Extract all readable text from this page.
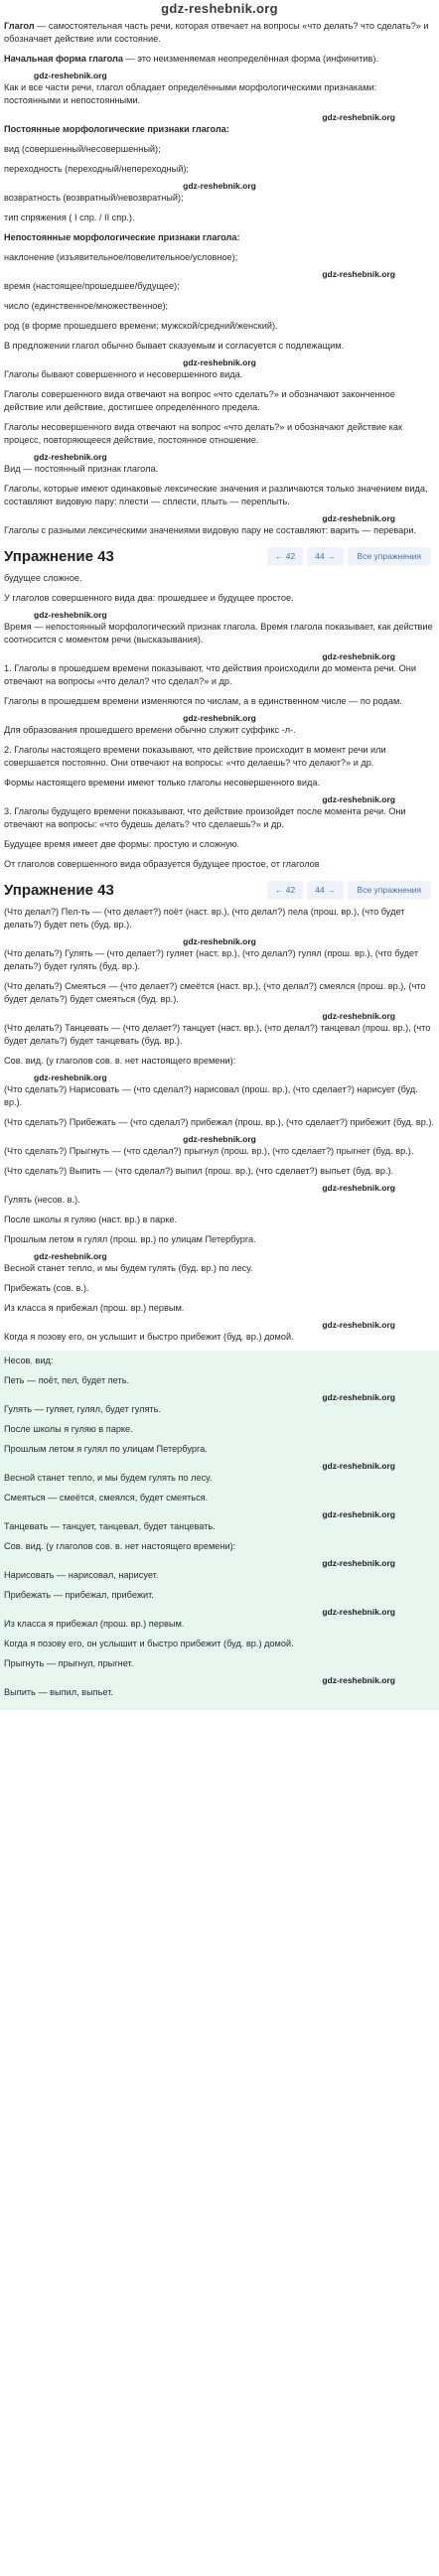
gdz-reshebnik.org

Глагол — самостоятельная часть речи, которая отвечает на вопросы «что делать? что сделать?» и обозначает действие или состояние.

Начальная форма глагола — это неизменяемая неопределённая форма (инфинитив).

gdz-reshebnik.org

Как и все части речи, глагол обладает определёнными морфологическими признаками: постоянными и непостоянными.

gdz-reshebnik.org

Постоянные морфологические признаки глагола:

вид (совершенный/несовершенный);

переходность (переходный/непереходный);

gdz-reshebnik.org

возвратность (возвратный/невозвратный);

тип спряжения ( I спр. / II спр.).

Непостоянные морфологические признаки глагола:

наклонение (изъявительное/повелительное/условное);

gdz-reshebnik.org

время (настоящее/прошедшее/будущее);

число (единственное/множественное);

род (в форме прошедшего времени; мужской/средний/женский).

В предложении глагол обычно бывает сказуемым и согласуется с подлежащим.

gdz-reshebnik.org

Глаголы бывают совершенного и несовершенного вида.

Глаголы совершенного вида отвечают на вопрос «что сделать?» и обозначают законченное действие или действие, достигшее определённого предела.

Глаголы несовершенного вида отвечают на вопрос «что делать?» и обозначают действие как процесс, повторяющееся действие, постоянное отношение.

gdz-reshebnik.org

Вид — постоянный признак глагола.

Глаголы, которые имеют одинаковые лексические значения и различаются только значением вида, составляют видовую пару: плести — сплести, плыть — переплыть.

gdz-reshebnik.org

Глаголы с разными лексическими значениями видовую пару не составляют: варить — перевари.

Упражнение 43	← 42	44 →	Все упражнения

будущее сложное.

У глаголов совершенного вида два: прошедшее и будущее простое.

gdz-reshebnik.org

Время — непостоянный морфологический признак глагола. Время глагола показывает, как действие соотносится с моментом речи (высказывания).

gdz-reshebnik.org

1. Глаголы в прошедшем времени показывают, что действия происходили до момента речи. Они отвечают на вопросы «что делал? что сделал?» и др.

Глаголы в прошедшем времени изменяются по числам, а в единственном числе — по родам.

gdz-reshebnik.org

Для образования прошедшего времени обычно служит суффикс -л-.

2. Глаголы настоящего времени показывают, что действие происходит в момент речи или совершается постоянно. Они отвечают на вопросы: «что делаешь? что делают?» и др.

Формы настоящего времени имеют только глаголы несовершенного вида.

gdz-reshebnik.org

3. Глаголы будущего времени показывают, что действие произойдет после момента речи. Они отвечают на вопросы: «что будешь делать? что сделаешь?» и др.

Будущее время имеет две формы: простую и сложную.

От глаголов совершенного вида образуется будущее простое, от глаголов

Упражнение 43	← 42	44 →	Все упражнения

(Что делал?) Пел-ть — (что делает?) поёт (наст. вр.), (что делал?) пела (прош. вр.), (что будет делать?) будет петь (буд. вр.).

gdz-reshebnik.org

(Что делать?) Гулять — (что делает?) гуляет (наст. вр.), (что делал?) гулял (прош. вр.), (что будет делать?) будет гулять (буд. вр.).

(Что делать?) Смеяться — (что делает?) смеётся (наст. вр.), (что делал?) смеялся (прош. вр.), (что будет делать?) будет смеяться (буд. вр.).

gdz-reshebnik.org

(Что делать?) Танцевать — (что делает?) танцует (наст. вр.), (что делал?) танцевал (прош. вр.), (что будет делать?) будет танцевать (буд. вр.).

Сов. вид. (у глаголов сов. в. нет настоящего времени):

gdz-reshebnik.org

(Что сделать?) Нарисовать — (что сделал?) нарисовал (прош. вр.), (что сделает?) нарисует (буд. вр.).

(Что сделать?) Прибежать — (что сделал?) прибежал (прош. вр.), (что сделает?) прибежит (буд. вр.).

gdz-reshebnik.org

(Что сделать?) Прыгнуть — (что сделал?) прыгнул (прош. вр.), (что сделает?) прыгнет (буд. вр.).

(Что сделать?) Выпить — (что сделал?) выпил (прош. вр.), (что сделает?) выпьет (буд. вр.).

gdz-reshebnik.org

Гулять (несов. в.).

После школы я гуляю (наст. вр.) в парке.

Прошлым летом я гулял (прош. вр.) по улицам Петербурга.

gdz-reshebnik.org

Весной станет тепло, и мы будем гулять (буд. вр.) по лесу.

Прибежать (сов. в.).

Из класса я прибежал (прош. вр.) первым.

gdz-reshebnik.org

Когда я позову его, он услышит и быстро прибежит (буд. вр.) домой.

Несов. вид:

Петь — поёт, пел, будет петь.

gdz-reshebnik.org

Гулять — гуляет, гулял, будет гулять.

После школы я гуляю в парке.

Прошлым летом я гулял по улицам Петербурга.

gdz-reshebnik.org

Весной станет тепло, и мы будем гулять по лесу.

Смеяться — смеётся, смеялся, будет смеяться.

gdz-reshebnik.org

Танцевать — танцует, танцевал, будет танцевать.

Сов. вид. (у глаголов сов. в. нет настоящего времени):

gdz-reshebnik.org

Нарисовать — нарисовал, нарисует.

Прибежать — прибежал, прибежит.

gdz-reshebnik.org

Из класса я прибежал (прош. вр.) первым.

Когда я позову его, он услышит и быстро прибежит (буд. вр.) домой.

Прыгнуть — прыгнул, прыгнет.

gdz-reshebnik.org

Выпить — выпил, выпьет.
